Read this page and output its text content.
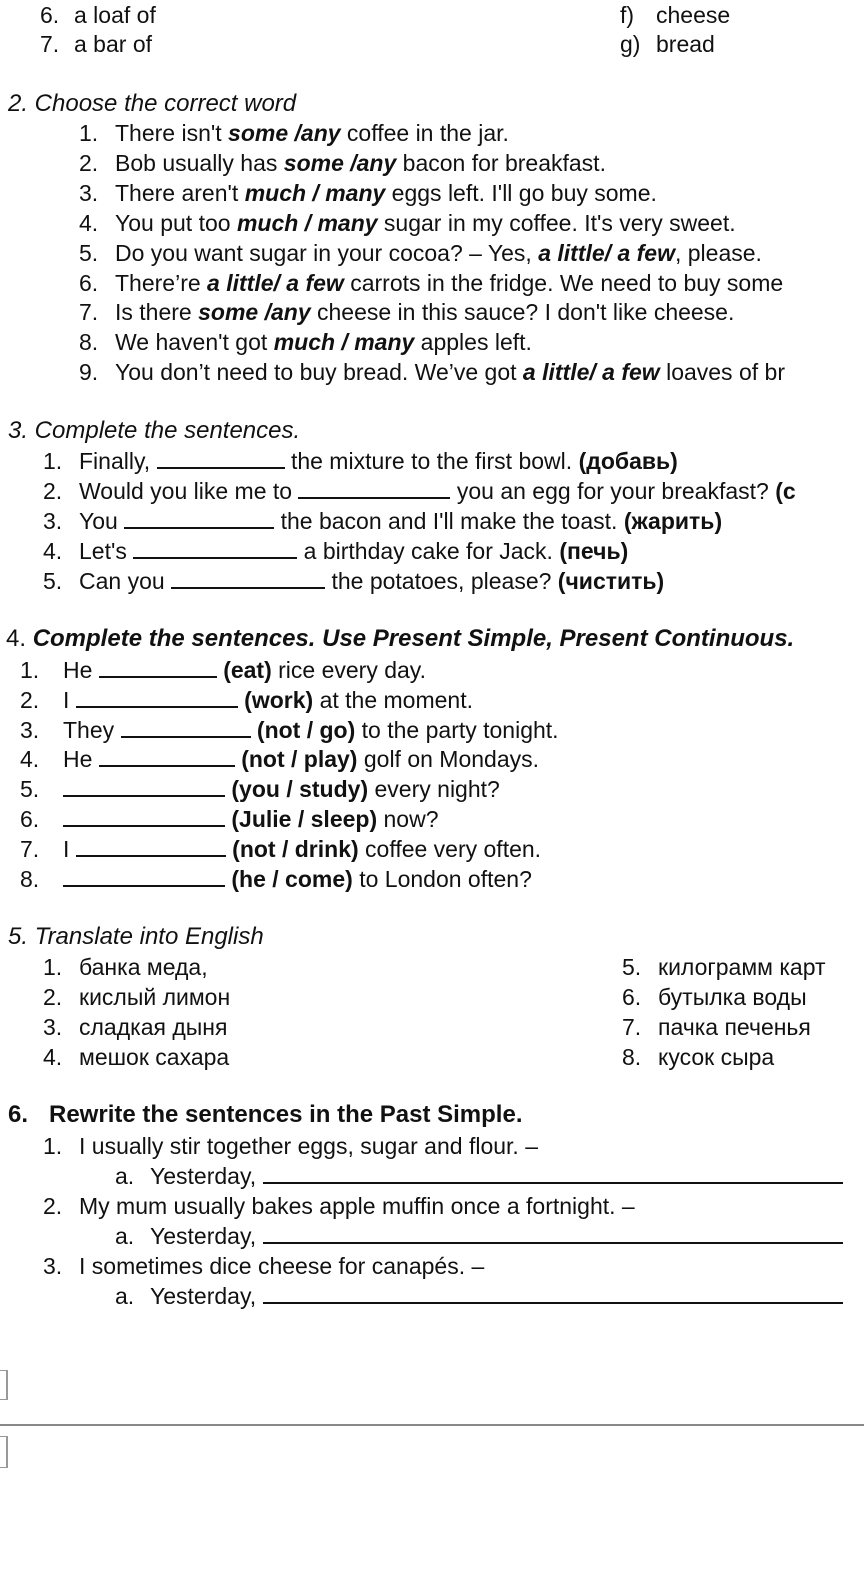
6. a loaf of
7. a bar of
f) cheese
g) bread
2. Choose the correct word
1. There isn't some /any coffee in the jar.
2. Bob usually has some /any bacon for breakfast.
3. There aren't much / many eggs left. I'll go buy some.
4. You put too much / many sugar in my coffee. It's very sweet.
5. Do you want sugar in your cocoa? – Yes, a little/ a few, please.
6. There’re a little/ a few carrots in the fridge. We need to buy some
7. Is there some /any cheese in this sauce? I don't like cheese.
8. We haven't got much / many apples left.
9. You don’t need to buy bread. We’ve got a little/ a few loaves of br
3. Complete the sentences.
1. Finally,	the mixture to the first bowl. (добавь)
2. Would you like me to	you an egg for your breakfast? (c
3. You	the bacon and I'll make the toast. (жарить)
4. Let's	a birthday cake for Jack. (печь)
5. Can you	the potatoes, please? (чистить)
4. Complete the sentences. Use Present Simple, Present Continuous.
1. He	(eat) rice every day.
2. I	(work) at the moment.
3. They	(not / go) to the party tonight.
4. He	(not / play) golf on Mondays.
5.	(you / study) every night?
6.	(Julie / sleep) now?
7. I	(not / drink) coffee very often.
8.	(he / come) to London often?
5. Translate into English
1. банка меда,
2. кислый лимон
3. сладкая дыня
4. мешок сахара
5. килограмм карт
6. бутылка воды
7. пачка печенья
8. кусок сыра
6. Rewrite the sentences in the Past Simple.
1. I usually stir together eggs, sugar and flour. –
a. Yesterday,
2. My mum usually bakes apple muffin once a fortnight. –
a. Yesterday,
3. I sometimes dice cheese for canapés. –
a. Yesterday,
